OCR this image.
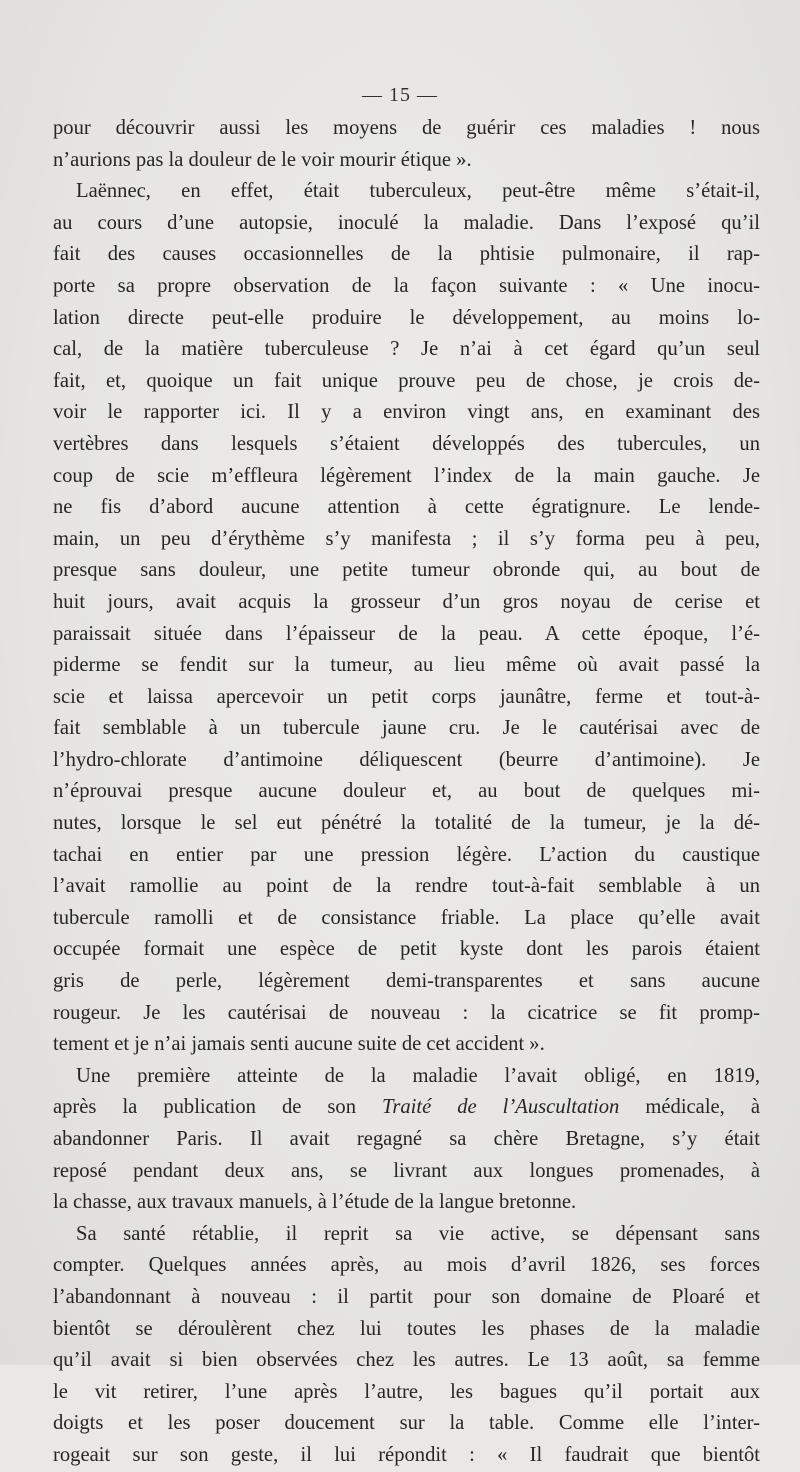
— 15 —
pour découvrir aussi les moyens de guérir ces maladies ! nous
n’aurions pas la douleur de le voir mourir étique ».
Laënnec, en effet, était tuberculeux, peut-être même s’était-il,
au cours d’une autopsie, inoculé la maladie. Dans l’exposé qu’il
fait des causes occasionnelles de la phtisie pulmonaire, il rap-
porte sa propre observation de la façon suivante : « Une inocu-
lation directe peut-elle produire le développement, au moins lo-
cal, de la matière tuberculeuse ? Je n’ai à cet égard qu’un seul
fait, et, quoique un fait unique prouve peu de chose, je crois de-
voir le rapporter ici. Il y a environ vingt ans, en examinant des
vertèbres dans lesquels s’étaient développés des tubercules, un
coup de scie m’effleura légèrement l’index de la main gauche. Je
ne fis d’abord aucune attention à cette égratignure. Le lende-
main, un peu d’érythème s’y manifesta ; il s’y forma peu à peu,
presque sans douleur, une petite tumeur obronde qui, au bout de
huit jours, avait acquis la grosseur d’un gros noyau de cerise et
paraissait située dans l’épaisseur de la peau. A cette époque, l’é-
piderme se fendit sur la tumeur, au lieu même où avait passé la
scie et laissa apercevoir un petit corps jaunâtre, ferme et tout-à-
fait semblable à un tubercule jaune cru. Je le cautérisai avec de
l’hydro-chlorate d’antimoine déliquescent (beurre d’antimoine). Je
n’éprouvai presque aucune douleur et, au bout de quelques mi-
nutes, lorsque le sel eut pénétré la totalité de la tumeur, je la dé-
tachai en entier par une pression légère. L’action du caustique
l’avait ramollie au point de la rendre tout-à-fait semblable à un
tubercule ramolli et de consistance friable. La place qu’elle avait
occupée formait une espèce de petit kyste dont les parois étaient
gris de perle, légèrement demi-transparentes et sans aucune
rougeur. Je les cautérisai de nouveau : la cicatrice se fit promp-
tement et je n’ai jamais senti aucune suite de cet accident ».
Une première atteinte de la maladie l’avait obligé, en 1819,
après la publication de son Traité de l’Auscultation médicale, à
abandonner Paris. Il avait regagné sa chère Bretagne, s’y était
reposé pendant deux ans, se livrant aux longues promenades, à
la chasse, aux travaux manuels, à l’étude de la langue bretonne.
Sa santé rétablie, il reprit sa vie active, se dépensant sans
compter. Quelques années après, au mois d’avril 1826, ses forces
l’abandonnant à nouveau : il partit pour son domaine de Ploaré et
bientôt se déroulèrent chez lui toutes les phases de la maladie
qu’il avait si bien observées chez les autres. Le 13 août, sa femme
le vit retirer, l’une après l’autre, les bagues qu’il portait aux
doigts et les poser doucement sur la table. Comme elle l’inter-
rogeait sur son geste, il lui répondit : « Il faudrait que bientôt
